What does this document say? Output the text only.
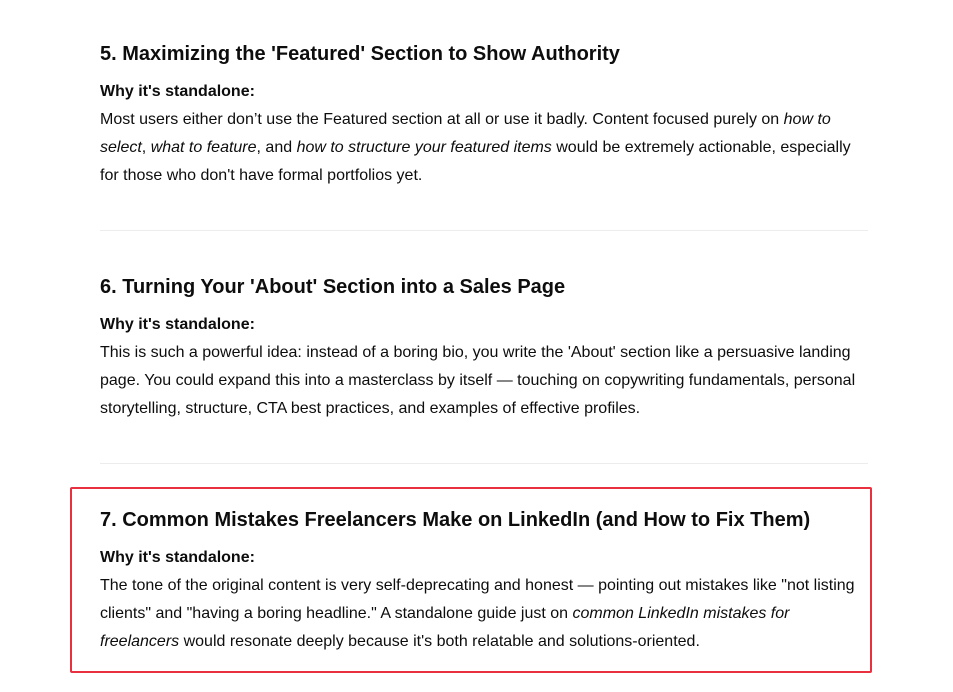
5. Maximizing the 'Featured' Section to Show Authority

Why it's standalone:

Most users either don’t use the Featured section at all or use it badly. Content focused purely on how to select, what to feature, and how to structure your featured items would be extremely actionable, especially for those who don't have formal portfolios yet.

6. Turning Your 'About' Section into a Sales Page

Why it's standalone:

This is such a powerful idea: instead of a boring bio, you write the 'About' section like a persuasive landing page. You could expand this into a masterclass by itself — touching on copywriting fundamentals, personal storytelling, structure, CTA best practices, and examples of effective profiles.

7. Common Mistakes Freelancers Make on LinkedIn (and How to Fix Them)

Why it's standalone:

The tone of the original content is very self-deprecating and honest — pointing out mistakes like "not listing clients" and "having a boring headline." A standalone guide just on common LinkedIn mistakes for freelancers would resonate deeply because it's both relatable and solutions-oriented.
